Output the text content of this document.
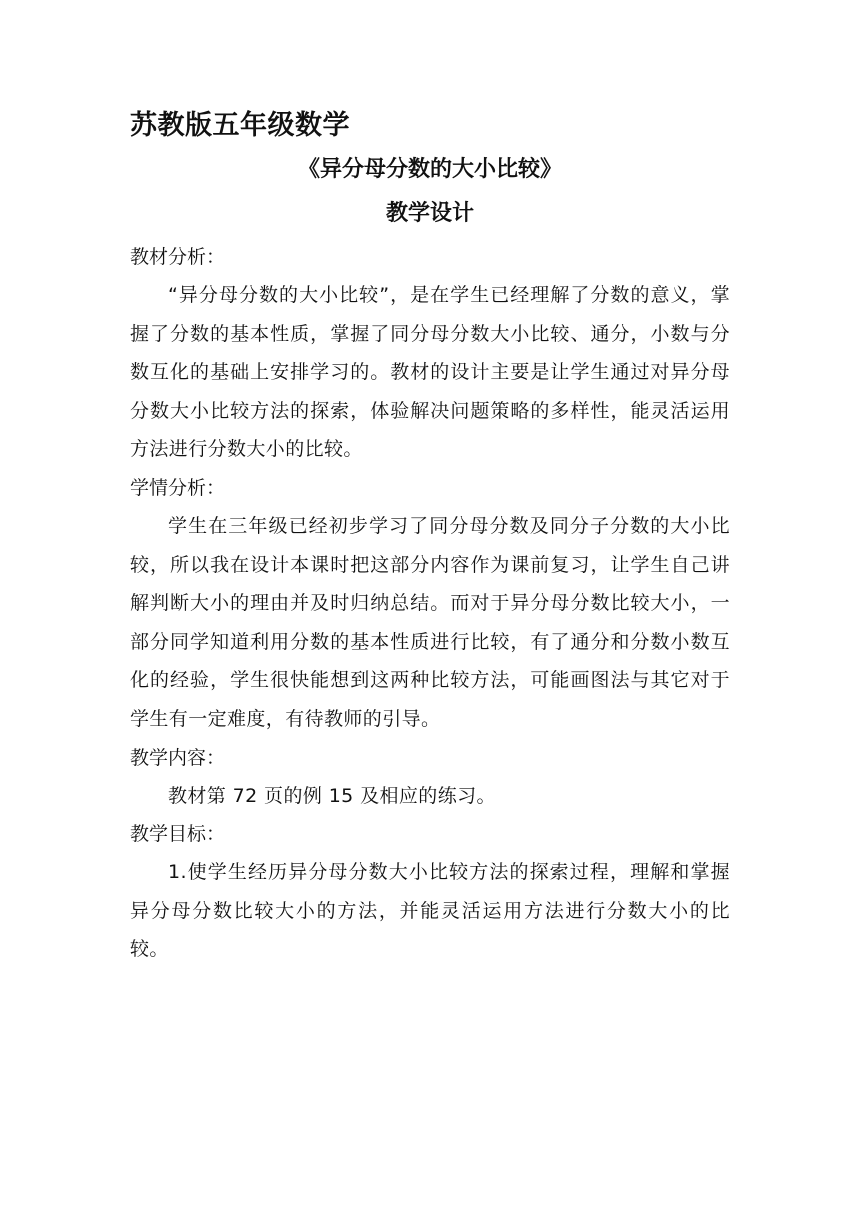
苏教版五年级数学
《异分母分数的大小比较》
教学设计

教材分析：

“异分母分数的大小比较”，是在学生已经理解了分数的意义，掌握了分数的基本性质，掌握了同分母分数大小比较、通分，小数与分数互化的基础上安排学习的。教材的设计主要是让学生通过对异分母分数大小比较方法的探索，体验解决问题策略的多样性，能灵活运用方法进行分数大小的比较。

学情分析：

学生在三年级已经初步学习了同分母分数及同分子分数的大小比较，所以我在设计本课时把这部分内容作为课前复习，让学生自己讲解判断大小的理由并及时归纳总结。而对于异分母分数比较大小，一部分同学知道利用分数的基本性质进行比较，有了通分和分数小数互化的经验，学生很快能想到这两种比较方法，可能画图法与其它对于学生有一定难度，有待教师的引导。

教学内容：

教材第 72 页的例 15 及相应的练习。

教学目标：

1.使学生经历异分母分数大小比较方法的探索过程，理解和掌握异分母分数比较大小的方法，并能灵活运用方法进行分数大小的比较。
